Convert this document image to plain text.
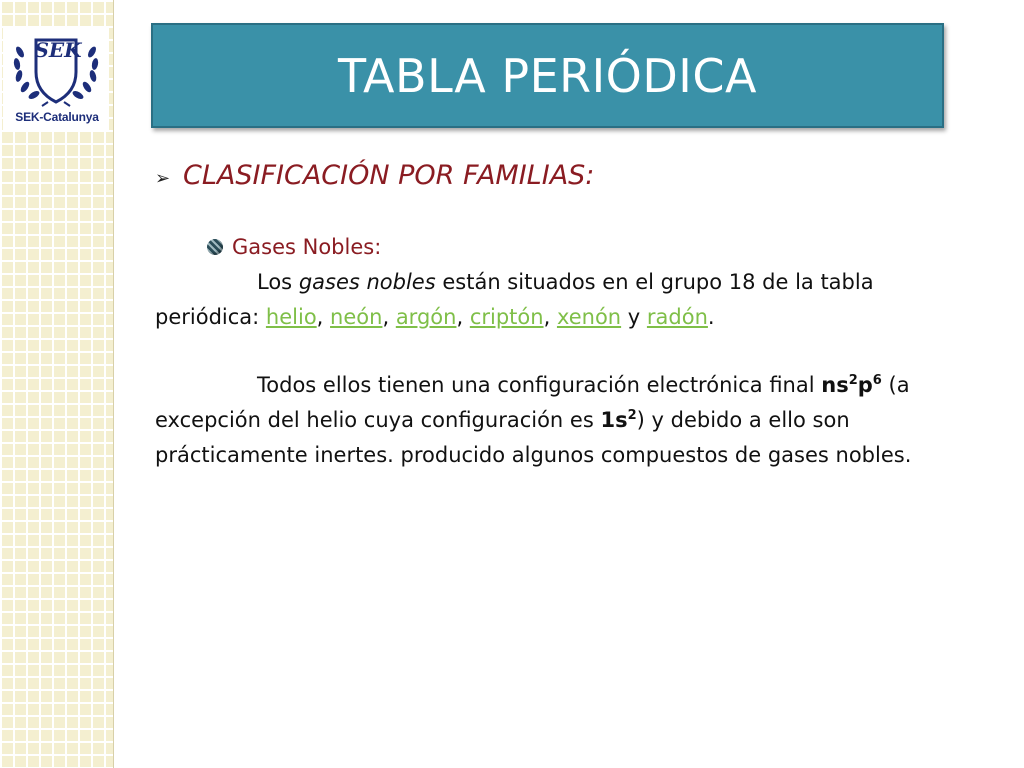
SEK
SEK-Catalunya
TABLA PERIÓDICA
➢ CLASIFICACIÓN POR FAMILIAS:
Gases Nobles:
Los gases nobles están situados en el grupo 18 de la tabla periódica: helio, neón, argón, criptón, xenón y radón.
Todos ellos tienen una configuración electrónica final $ns^2p^6$ (a excepción del helio cuya configuración es $1s^2$) y debido a ello son prácticamente inertes. producido algunos compuestos de gases nobles.
